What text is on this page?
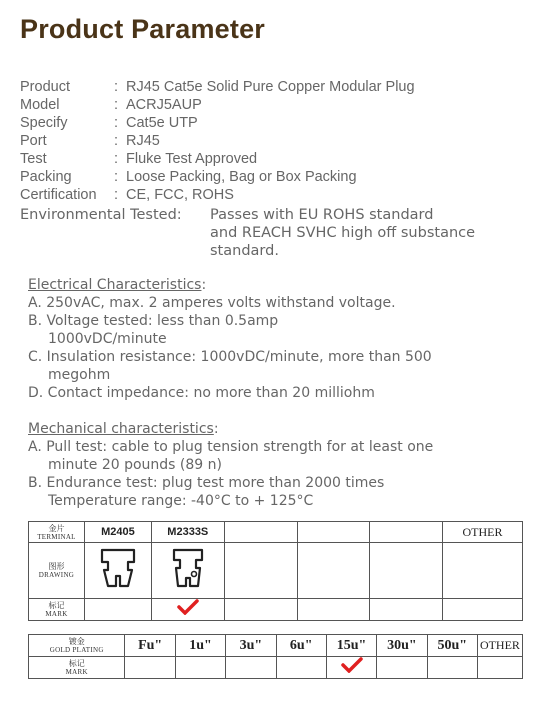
Product Parameter
Product	: RJ45 Cat5e Solid Pure Copper Modular Plug
Model	: ACRJ5AUP
Specify	: Cat5e UTP
Port	: RJ45
Test	: Fluke Test Approved
Packing	: Loose Packing, Bag or Box Packing
Certification	: CE, FCC, ROHS
Environmental Tested: Passes with EU ROHS standard
and REACH SVHC high off substance
standard.
Electrical Characteristics:
A. 250vAC, max. 2 amperes volts withstand voltage.
B. Voltage tested: less than 0.5amp
1000vDC/minute
C. Insulation resistance: 1000vDC/minute, more than 500
megohm
D. Contact impedance: no more than 20 milliohm
Mechanical characteristics:
A. Pull test: cable to plug tension strength for at least one
minute 20 pounds (89 n)
B. Endurance test: plug test more than 2000 times
Temperature range: -40°C to + 125°C
金片
TERMINAL	M2405	M2333S				OTHER

图形
DRAWING

标记
MARK

镀金
GOLD PLATING	Fu"	1u"	3u"	6u"	15u"	30u"	50u"	OTHER

标记
MARK
